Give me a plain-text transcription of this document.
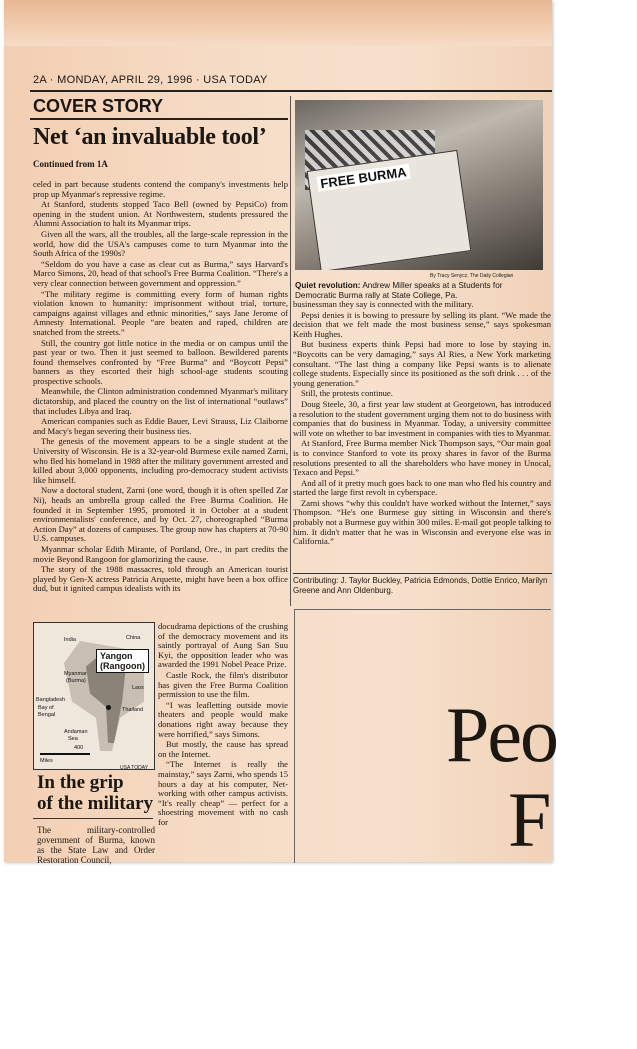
2A · MONDAY, APRIL 29, 1996 · USA TODAY
COVER STORY
Net ‘an invaluable tool’
Continued from 1A

celed in part because students contend the company's investments help prop up Myanmar's repressive regime.

At Stanford, students stopped Taco Bell (owned by PepsiCo) from opening in the student union. At Northwestern, students pressured the Alumni Association to halt its Myanmar trips.

Given all the wars, all the troubles, all the large-scale repression in the world, how did the USA's campuses come to turn Myanmar into the South Africa of the 1990s?

“Seldom do you have a case as clear cut as Burma,” says Harvard's Marco Simons, 20, head of that school's Free Burma Coalition. “There's a very clear connection between government and oppression.”

“The military regime is committing every form of human rights violation known to humanity: imprisonment without trial, torture, campaigns against villages and ethnic minorities,” says Jane Jerome of Amnesty International. People “are beaten and raped, children are snatched from the streets.”

Still, the country got little notice in the media or on campus until the past year or two. Then it just seemed to balloon. Bewildered parents found themselves confronted by “Free Burma” and “Boycott Pepsi” banners as they escorted their high school-age students scouting prospective schools.

Meanwhile, the Clinton administration condemned Myanmar's military dictatorship, and placed the country on the list of international “outlaws” that includes Libya and Iraq.

American companies such as Eddie Bauer, Levi Strauss, Liz Claiborne and Macy's began severing their business ties.

The genesis of the movement appears to be a single student at the University of Wisconsin. He is a 32-year-old Burmese exile named Zarni, who fled his homeland in 1988 after the military government arrested and killed about 3,000 opponents, including pro-democracy student activists like himself.

Now a doctoral student, Zarni (one word, though it is often spelled Zar Ni), heads an umbrella group called the Free Burma Coalition. He founded it in September 1995, promoted it in October at a student environmentalists' conference, and by Oct. 27, choreographed “Burma Action Day” at dozens of campuses. The group now has chapters at 70-90 U.S. campuses.

Myanmar scholar Edith Mirante, of Portland, Ore., in part credits the movie Beyond Rangoon for glamorizing the cause.

The story of the 1988 massacres, told through an American tourist played by Gen-X actress Patricia Arquette, might have been a box office dud, but it ignited campus idealists with its

docudrama depictions of the crushing of the democracy movement and its saintly portrayal of Aung San Suu Kyi, the opposition leader who was awarded the 1991 Nobel Peace Prize.

Castle Rock, the film's distributor has given the Free Burma Coalition permission to use the film.

“I was leafletting outside movie theaters and people would make donations right away because they were horrified,” says Simons.

But mostly, the cause has spread on the Internet.

“The Internet is really the mainstay,” says Zarni, who spends 15 hours a day at his computer, Net-working with other campus activists. “It's really cheap” — perfect for a shoestring movement with no cash for

FREE BURMA
By Tracy Senycz, The Daily Collegian
Quiet revolution: Andrew Miller speaks at a Students for Democratic Burma rally at State College, Pa.

businessman they say is connected with the military.

Pepsi denies it is bowing to pressure by selling its plant. “We made the decision that we felt made the most business sense,” says spokesman Keith Hughes.

But business experts think Pepsi had more to lose by staying in. “Boycotts can be very damaging,” says Al Ries, a New York marketing consultant. “The last thing a company like Pepsi wants is to alienate college students. Especially since its positioned as the soft drink . . . of the young generation.”

Still, the protests continue.

Doug Steele, 30, a first year law student at Georgetown, has introduced a resolution to the student government urging them not to do business with companies that do business in Myanmar. Today, a university committee will vote on whether to bar investment in companies with ties to Myanmar.

At Stanford, Free Burma member Nick Thompson says, “Our main goal is to convince Stanford to vote its proxy shares in favor of the Burma resolutions presented to all the shareholders who have money in Unocal, Texaco and Pepsi.”

And all of it pretty much goes back to one man who fled his country and started the large first revolt in cyberspace.

Zarni shows “why this couldn't have worked without the Internet,” says Thompson. “He's one Burmese guy sitting in Wisconsin and there's probably not a Burmese guy within 300 miles. E-mail got people talking to him. It didn't matter that he was in Wisconsin and everyone else was in California.”

Contributing: J. Taylor Buckley, Patricia Edmonds, Dottie Enrico, Marilyn Greene and Ann Oldenburg.
Peo
F
India	China
Yangon
(Rangoon)
Myanmar
(Burma)
Laos
Bangladesh
Bay of
Bengal
Thailand
Andaman
Sea
400
Miles
USA TODAY
In the grip
of the military
The military-controlled government of Burma, known as the State Law and Order Restoration Council,
